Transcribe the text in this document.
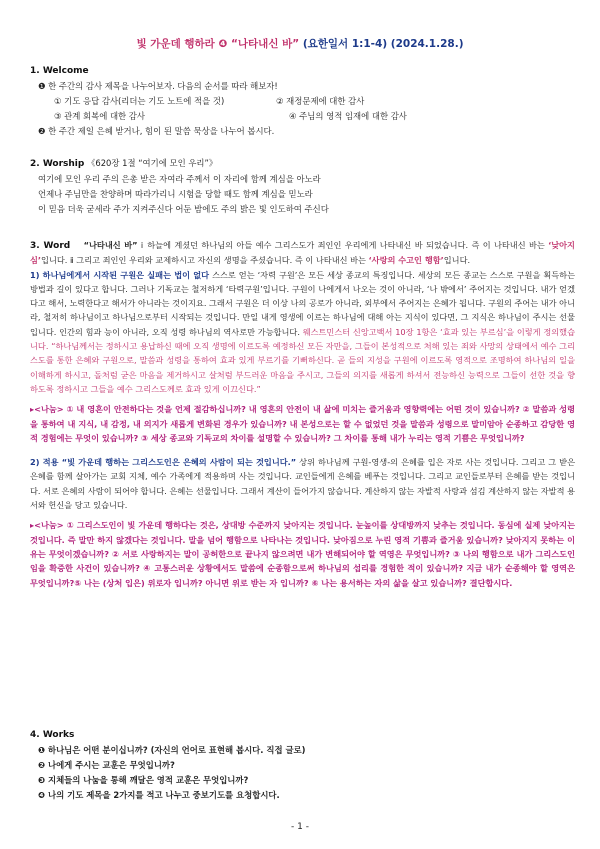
빛 가운데 행하라 ❹ “나타내신 바” (요한일서 1:1-4) (2024.1.28.)
1. Welcome
❶ 한 주간의 감사 제목을 나누어보자. 다음의 순서를 따라 해보자!
① 기도 응답 감사(리더는 기도 노트에 적을 것)	② 재정문제에 대한 감사
③ 관계 회복에 대한 감사	④ 주님의 영적 임재에 대한 감사
❷ 한 주간 제일 은혜 받거나, 힘이 된 말씀 묵상을 나누어 봅시다.
2. Worship 《620장 1절 “여기에 모인 우리”》
여기에 모인 우리 주의 은총 받은 자여라 주께서 이 자리에 함께 계심을 아노라
언제나 주님만을 찬양하며 따라가리니 시험을 당할 때도 함께 계심을 믿노라
이 믿음 더욱 굳세라 주가 지켜주신다 어둔 밤에도 주의 밝은 빛 인도하여 주신다

3. Word “나타내신 바” ⅰ 하늘에 계셨던 하나님의 아들 예수 그리스도가 죄인인 우리에게 나타내신 바 되었습니다. 즉 이 나타내신 바는 ‘낮아지심’입니다. ⅱ 그리고 죄인인 우리와 교제하시고 자신의 생명을 주셨습니다. 즉 이 나타내신 바는 ‘사랑의 수고인 행함’입니다.

1) 하나님에게서 시작된 구원은 실패는 법이 없다 스스로 얻는 ‘자력 구원’은 모든 세상 종교의 특징입니다. 세상의 모든 종교는 스스로 구원을 획득하는 방법과 길이 있다고 합니다. 그러나 기독교는 철저하게 ‘타력구원’입니다. 구원이 나에게서 나오는 것이 아니라, ‘나 밖에서’ 주어지는 것입니다. 내가 얻겠다고 해서, 노력한다고 해서가 아니라는 것이지요. 그래서 구원은 더 이상 나의 공로가 아니라, 외부에서 주어지는 은혜가 됩니다. 구원의 주어는 내가 아니라, 철저히 하나님이고 하나님으로부터 시작되는 것입니다. 만일 내게 영생에 이르는 하나님에 대해 아는 지식이 있다면, 그 지식은 하나님이 주시는 선물입니다. 인간의 힘과 능이 아니라, 오직 성령 하나님의 역사로만 가능합니다. 웨스트민스터 신앙고백서 10장 1항은 ‘효과 있는 부르심’을 이렇게 정의했습니다. “하나님께서는 정하시고 용납하신 때에 오직 생명에 이르도록 예정하신 모든 자만을, 그들이 본성적으로 처해 있는 죄와 사망의 상태에서 예수 그리스도를 통한 은혜와 구원으로, 말씀과 성령을 통하여 효과 있게 부르기를 기뻐하신다. 곧 들의 지성을 구원에 이르도록 영적으로 조명하여 하나님의 일을 이해하게 하시고, 돌처럼 굳은 마음을 제거하시고 살처럼 부드러운 마음을 주시고, 그들의 의지를 새롭게 하셔서 전능하신 능력으로 그들이 선한 것을 향하도록 정하시고 그들을 예수 그리스도께로 효과 있게 이끄신다.”

▸<나눔> ① 내 영혼이 안전하다는 것을 언제 절감하십니까? 내 영혼의 안전이 내 삶에 미치는 즐거움과 영향력에는 어떤 것이 있습니까? ② 말씀과 성령을 통하여 내 지식, 내 감정, 내 의지가 새롭게 변화된 경우가 있습니까? 내 본성으로는 할 수 없었던 것을 말씀과 성령으로 말미암아 순종하고 감당한 영적 경험에는 무엇이 있습니까? ③ 세상 종교와 기독교의 차이를 설명할 수 있습니까? 그 차이를 통해 내가 누리는 영적 기쁨은 무엇입니까?

2) 적용 “빛 가운데 행하는 그리스도인은 은혜의 사람이 되는 것입니다.” 상위 하나님께 구원-영생-의 은혜를 입은 자로 사는 것입니다. 그리고 그 받은 은혜를 함께 살아가는 교회 지체, 예수 가족에게 적용하며 사는 것입니다. 교인들에게 은혜를 베푸는 것입니다. 그리고 교인들로부터 은혜를 받는 것입니다. 서로 은혜의 사람이 되어야 합니다. 은혜는 선물입니다. 그래서 계산이 들어가지 않습니다. 계산하지 않는 자발적 사랑과 섬김 계산하지 않는 자발적 용서와 헌신을 당고 있습니다.

▸<나눔> ① 그리스도인이 빛 가운데 행하다는 것은, 상대방 수준까지 낮아지는 것입니다. 눈높이를 상대방까지 낮추는 것입니다. 동심에 실제 낮아지는 것입니다. 즉 말만 하지 않겠다는 것입니다. 말을 넘어 행함으로 나타나는 것입니다. 낮아짐으로 누린 영적 기쁨과 즐거움 있습니까? 낮아지지 못하는 이유는 무엇이겠습니까? ② 서로 사랑하지는 말이 공허한으로 끝나지 않으려면 내가 변해되어야 할 역영은 무엇입니까? ③ 나의 행함으로 내가 그리스도인임을 확증한 사건이 있습니까? ④ 고통스러운 상황에서도 말씀에 순종함으로써 하나님의 섭리를 경험한 적이 있습니까? 지금 내가 순종해야 할 영역은 무엇입니까?⑤ 나는 (상처 입은) 위로자 입니까? 아니면 위로 받는 자 입니까? ⑥ 나는 용서하는 자의 삶을 살고 있습니까? 결단합시다.

4. Works
❶ 하나님은 어떤 분이십니까? (자신의 언어로 표현해 봅시다. 직접 글로)
❷ 나에게 주시는 교훈은 무엇입니까?
❸ 지체들의 나눔을 통해 깨달은 영적 교훈은 무엇입니까?
❹ 나의 기도 제목을 2가지를 적고 나누고 중보기도를 요청합시다.
- 1 -
